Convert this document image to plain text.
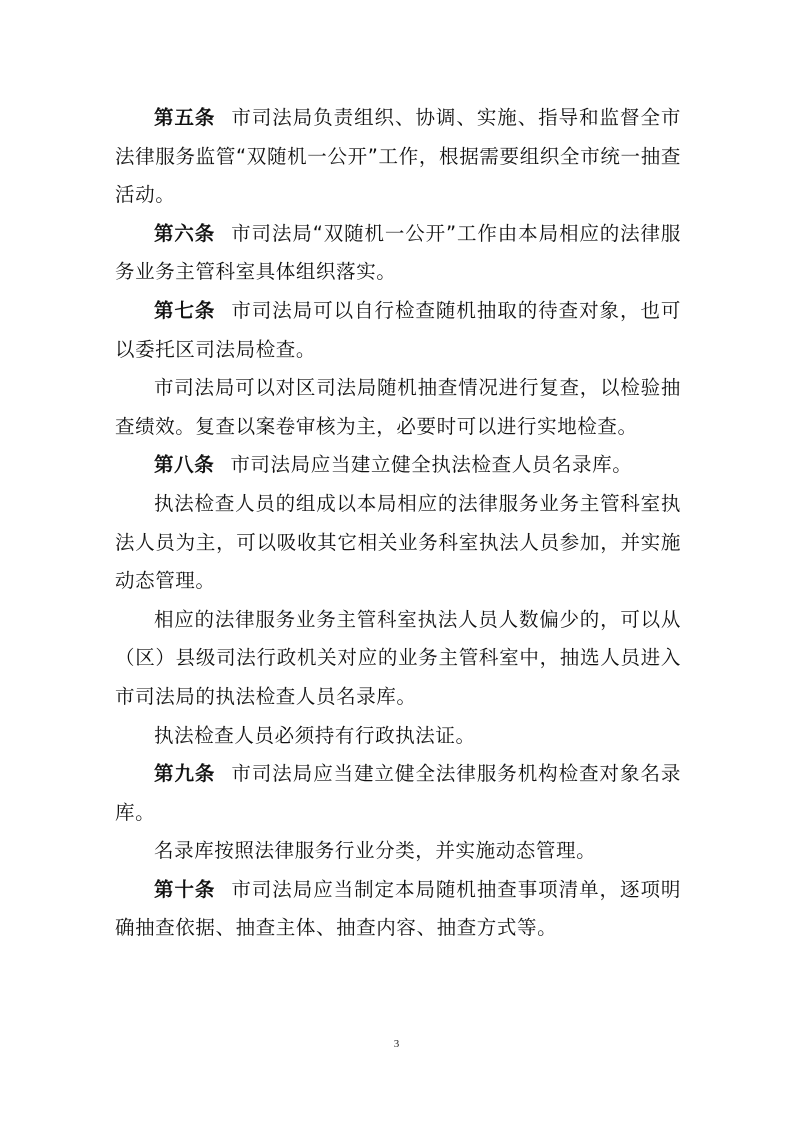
第五条 市司法局负责组织、协调、实施、指导和监督全市法律服务监管“双随机一公开”工作，根据需要组织全市统一抽查活动。

第六条 市司法局“双随机一公开”工作由本局相应的法律服务业务主管科室具体组织落实。

第七条 市司法局可以自行检查随机抽取的待查对象，也可以委托区司法局检查。

市司法局可以对区司法局随机抽查情况进行复查，以检验抽查绩效。复查以案卷审核为主，必要时可以进行实地检查。

第八条 市司法局应当建立健全执法检查人员名录库。

执法检查人员的组成以本局相应的法律服务业务主管科室执法人员为主，可以吸收其它相关业务科室执法人员参加，并实施动态管理。

相应的法律服务业务主管科室执法人员人数偏少的，可以从（区）县级司法行政机关对应的业务主管科室中，抽选人员进入市司法局的执法检查人员名录库。

执法检查人员必须持有行政执法证。

第九条 市司法局应当建立健全法律服务机构检查对象名录库。

名录库按照法律服务行业分类，并实施动态管理。

第十条 市司法局应当制定本局随机抽查事项清单，逐项明确抽查依据、抽查主体、抽查内容、抽查方式等。

3
